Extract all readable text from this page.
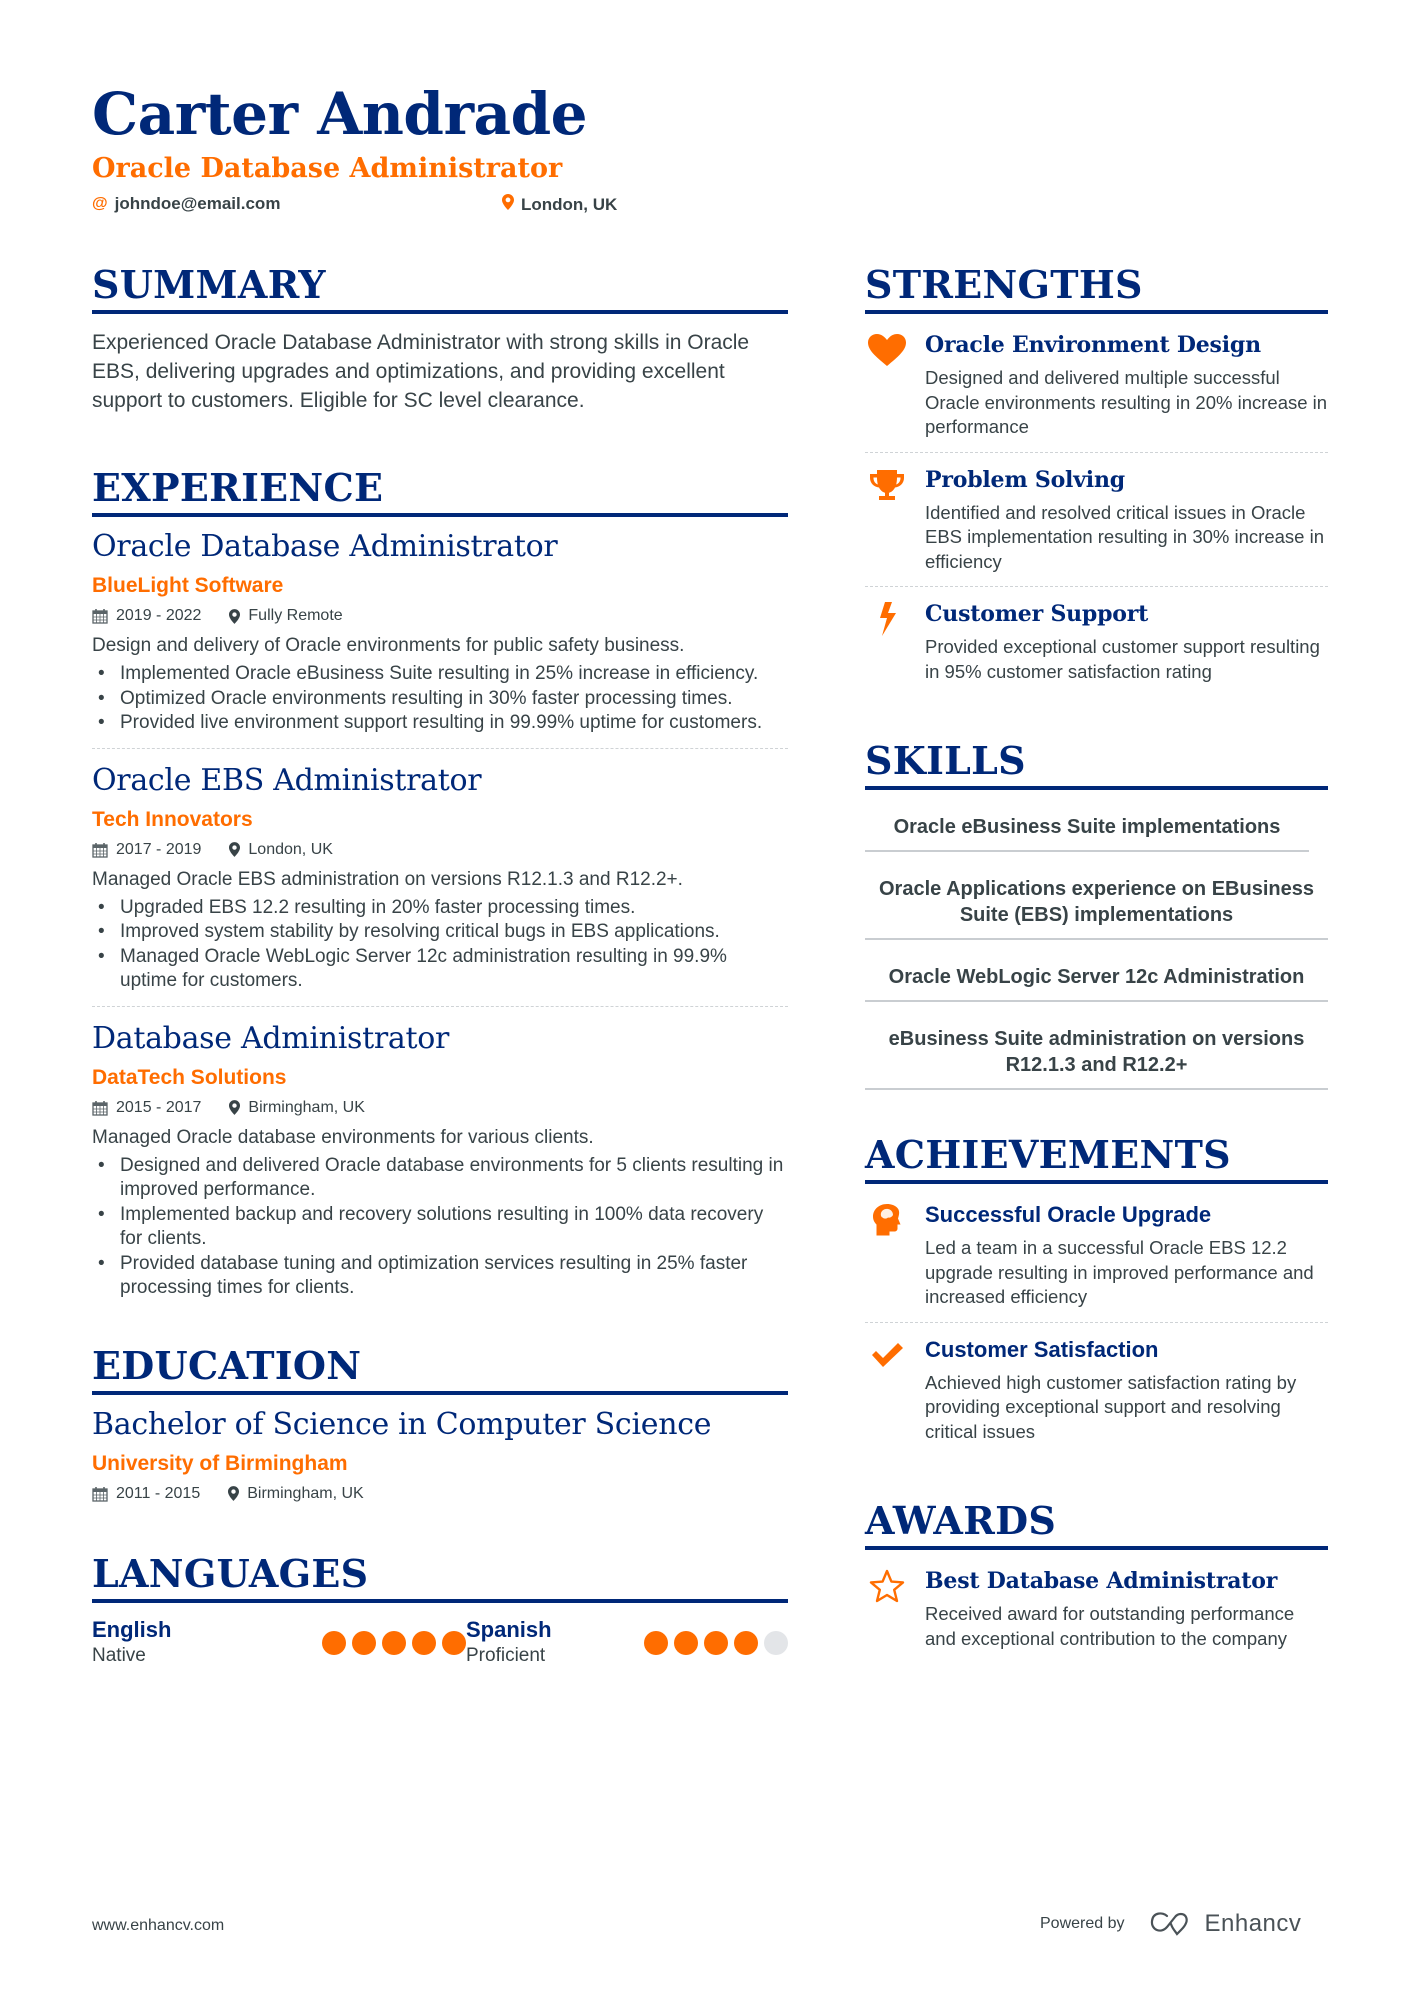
Carter Andrade
Oracle Database Administrator
@ johndoe@email.com	London, UK
SUMMARY
Experienced Oracle Database Administrator with strong skills in Oracle EBS, delivering upgrades and optimizations, and providing excellent support to customers. Eligible for SC level clearance.
EXPERIENCE
Oracle Database Administrator
BlueLight Software
2019 - 2022	Fully Remote
Design and delivery of Oracle environments for public safety business.
• Implemented Oracle eBusiness Suite resulting in 25% increase in efficiency.
• Optimized Oracle environments resulting in 30% faster processing times.
• Provided live environment support resulting in 99.99% uptime for customers.
Oracle EBS Administrator
Tech Innovators
2017 - 2019	London, UK
Managed Oracle EBS administration on versions R12.1.3 and R12.2+.
• Upgraded EBS 12.2 resulting in 20% faster processing times.
• Improved system stability by resolving critical bugs in EBS applications.
• Managed Oracle WebLogic Server 12c administration resulting in 99.9% uptime for customers.
Database Administrator
DataTech Solutions
2015 - 2017	Birmingham, UK
Managed Oracle database environments for various clients.
• Designed and delivered Oracle database environments for 5 clients resulting in improved performance.
• Implemented backup and recovery solutions resulting in 100% data recovery for clients.
• Provided database tuning and optimization services resulting in 25% faster processing times for clients.
EDUCATION
Bachelor of Science in Computer Science
University of Birmingham
2011 - 2015	Birmingham, UK
LANGUAGES
English
Native
Spanish
Proficient
STRENGTHS
Oracle Environment Design
Designed and delivered multiple successful Oracle environments resulting in 20% increase in performance
Problem Solving
Identified and resolved critical issues in Oracle EBS implementation resulting in 30% increase in efficiency
Customer Support
Provided exceptional customer support resulting in 95% customer satisfaction rating
SKILLS
Oracle eBusiness Suite implementations
Oracle Applications experience on EBusiness Suite (EBS) implementations
Oracle WebLogic Server 12c Administration
eBusiness Suite administration on versions R12.1.3 and R12.2+
ACHIEVEMENTS
Successful Oracle Upgrade
Led a team in a successful Oracle EBS 12.2 upgrade resulting in improved performance and increased efficiency
Customer Satisfaction
Achieved high customer satisfaction rating by providing exceptional support and resolving critical issues
AWARDS
Best Database Administrator
Received award for outstanding performance and exceptional contribution to the company
www.enhancv.com	Powered by	Enhancv
